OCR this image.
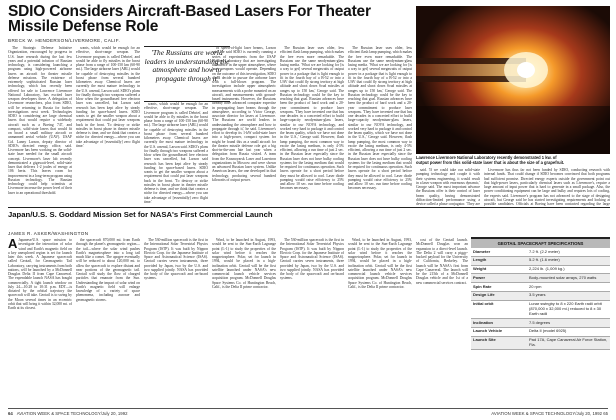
SDIO Considers Aircraft-Based Lasers For Theater Missile Defense Role
BRECK W. HENDERSON/LIVERMORE, CALIF.

The Strategic Defense Initiative Organization, encouraged by progress in U.S. laser research during the last few years and a potential infusion of Russian technology, is considering launching a program using high-powered airborne lasers on aircraft for theater missile defense missions. The existence of extremely sophisticated Russian laser technology, which has recently been offered for sale to Lawrence Livermore National Laboratory, has excited laser weapon developers there. A delegation of Livermore researchers, plus from SDIO, will be returning to Russia for further investigations next week. Technologies SDIO is considering are large chemical lasers that would require a widebody aircraft such as a Boeing 747, and compact, solid-state lasers that would fit on board a small military aircraft or unmanned aerial vehicle (UAV). USAF Col. Lanny Larson, deputy director of SDIO's directed energy office, said. Livermore has been working on the solid-state laser needed for the small aircraft concept. Livermore's laser lab recently demonstrated a gigawatt-level, solid-state laser that delivers 1-2 joules of energy at 106 hertz. This leaves room for improvement in a long-term program using Russian technology. The Russian technology could help scientists at Livermore increase the power level of their laser to an operational threshold.

wants, which would be enough for an effective, short-range weapon. The Livermore program is called Debrief, and would be able to fly missiles in the boost phase from a range of 100-150 km (60-90 mi.). The large airborne laser (ABL) would be capable of destroying missiles in the boost phase from several hundred kilometers away. Chemical lasers are currently the most mature technology in the U.S. arsenal, Larson said. SDIO's plans for finally through two weapons suffered a blow when the groundbased free electron laser was cancelled, but Larson said research has been kept alive by steady funding for space-based lasers. SDIO wants to get the smaller weapon about a requirement that could put laser weapons back in the front. 'To destroy or strike missiles in boost phase in theater missile defense is time, and we think that creates a niche for directed energy—where you can take advantage of [essentially] zero flight time.'

'The Russians are world leaders in understanding the atmosphere and how to propagate through it'

wants, which would be enough for an effective, short-range weapon. The Livermore program is called Debrief, and would be able to fly missiles in the boost phase from a range of 100-150 km (60-90 mi.). The large airborne laser (ABL) would be capable of destroying missiles in the boost phase from several hundred kilometers away. Chemical lasers are currently the most mature technology in the U.S. arsenal, Larson said. SDIO's plans for finally through two weapons suffered a blow when the groundbased free electron laser was cancelled, but Larson said research has been kept alive by steady funding for space-based lasers. SDIO wants to get the smaller weapon about a requirement that could put laser weapons back in the front. 'To destroy or strike missiles in boost phase in theater missile defense is time, and we think that creates a niche for directed energy—where you can take advantage of [essentially] zero flight time.'

of speed-of-light laser beams, Larson said. He said SDIO is currently running a series of experiments from the USAF Phillips Laboratory that are investigating turbulence in the upper atmosphere, where laser weapons would operate. Depending on the outcome of this investigation, SDIO could decide to pursue the airborne laser with a full-blown program. The investigation include upper atmospheric measurements with a probe mounted on an aircraft, and measurements with ground-based instruments. However, the Russians already have advanced computer expertise in propagating laser beams through the atmosphere, according to Victor George, associate director for lasers at Livermore. 'The Russians are world leaders in understanding the atmosphere and how to propagate through it,' he said. Livermore's effort to develop its 1-kW solid-state laser into a high-power, compact system for might be found this as a small aircraft for the theater missile defense role got a big shot-in-the-arm late last year when a delegation from Russia visited. A team from the Krasnoyarsk Laser and Lasertron organizations in Moscow and were shown an advanced Russian laser system. Unlike American lasers, the one developed in that technology, producing several hundred kilowatts of output power.

The Russian laser uses older, less efficient flash lamp pumping, which makes the free even more remarkable. The Russians use the same neodymium-glass lasing media. 'What we are looking for [is a way to get] several megawatts of output power in a package that is light enough to fit in the fourth bay of a B-52 or into a UAV that could fly strong territory at high altitude and shoot down Scud missiles at ranges up to 150 km,' George said. The Russian technology could be the key to reaching that goal. Russian advances have been the product of hard work and a 20-year commitment to produce laser weapons. 'They have invented one that has one decades in a concerted effort to build large-capacity neodymium-glass lasers, similar to our NOVA technology, and worked very hard to package it and control the beam quality, which we have not done in the U.S.,' George said. However, flash lamp pumping, the most common way to excite the lasing medium, is only 4-5% efficient, allowing a run time of just 2 sec. in the Russian laser especially since the Russian laser does not have bulky cooling systems for the lasing medium that would be required for continuous operation. Such lasers operate for a short period before they must be allowed to cool. Laser diode pumping would raise efficiency to 25% and allow 10 sec. run time before cooling becomes necessary.

The Russian laser uses older, less efficient flash lamp pumping, which makes the free even more remarkable. The Russians use the same neodymium-glass lasing media. 'What we are looking for [is a way to get] several megawatts of output power in a package that is light enough to fit in the fourth bay of a B-52 or into a UAV that could fly strong territory at high altitude and shoot down Scud missiles at ranges up to 150 km,' George said. The Russian technology could be the key to reaching that goal. Russian advances have been the product of hard work and a 20-year commitment to produce laser weapons. 'They have invented one that has one decades in a concerted effort to build large-capacity neodymium-glass lasers, similar to our NOVA technology, and worked very hard to package it and control the beam quality, which we have not done in the U.S.,' George said. However, flash lamp pumping, the most common way to excite the lasing medium, is only 4-5% efficient, allowing a run time of just 2 sec. in the Russian laser especially since the Russian laser does not have bulky cooling systems for the lasing medium that would be required for continuous operation. Such lasers operate for a short period before they must be allowed to cool. Laser diode pumping would raise efficiency to 25% and allow 10 sec. run time before cooling becomes necessary.

said. 'If we could take our solid-state pumping technology and couple it with their systems engineering, it would result in a laser weapon with enormous dynamic,' George said. The most important advance the Russians offer is their control of laser beam quality, having demonstrated diffraction-limited performance using a device called a phase conjugator. 'They are

Livermore has thus far not been funded by SDIO, conducting research with internal funds. That could change if SDIO becomes convinced that both programs had sufficient promise. Directed energy experts outside the government point out that high-power lasers, particularly chemical lasers such as Livermore's, require a large amount of input power that is hard to generate in a small package. Also, the power conditioning equipment can be large and bulky and requires lots of cooling, the experts said. Livermore's program has not advanced to the stage of designing aircraft, but George said he has started investigating requirements and looking at possible candidates. Officials at Boeing have been contacted regarding the large

Lawrence Livermore National Laboratory recently demonstrated 1 kw. of output power from this solid-state laser that is about the size of a grapefruit.
Japan/U.S. S. Goddard Mission Set for NASA's First Commercial Launch
JAMES R. ASKER/WASHINGTON
A Japanese/U.S. space mission to investigate the interaction of solar wind and Earth's magnetic field on a key unexplored region is set for launch later this week. A Japanese spacecraft called Geotail, for Geomagnetic Tail Laboratory, carrying instruments from both nations, will be launched by a McDonnell Douglas Delta II from Cape Canaveral. The expendable launch NASA has bought commercially. A tight launch window on July 24—10:28 to 10:31 p.m. EDT—is dictated by the orbital trajectory the spacecraft will take. Geotail is to swing by the Moon several times in an eccentric orbit that will bring it within 32,000 mi. of Earth at its closest.

the spacecraft 870,000 mi. from Earth through the planet's geomagnetic region—the tail—where the solar wind pushes Earth's magnetosphere into a long tail much like a comet. The apogee eventually will be reduced to about 120,000 mi. to allow the spacecraft to explore distant and near portions of the geomagnetic tail. Geotail will study the flow of charged particles that emanate from the Sun. Understanding the impact of solar wind on Earth's magnetic field will enlarge knowledge of a variety of space phenomena, including aurorae and geomagnetic storms.

The 530-million spacecraft is the first in the International Solar Terrestrial Physics Program (ISTP). It was built by Nippon Electric Corp. for the Japanese Institute of Space and Astronautical Science (ISAS). Geotail carries seven instruments, three provided by Japan, two by the U.S. and two supplied jointly. NASA has provided the body of the spacecraft and on-board systems.

Wind, to be launched in August, 1993, would be sent to the Sun-Earth Lagrange point (L-1) to study the properties of the solar wind before it reaches the magnetosphere. Polar, set for launch in 1994, would be placed in a high-inclination orbit. Geotail will be the first satellite launched under NASA's new commercial launch vehicle services acquisition program. McDonnell Douglas Space Systems Co. of Huntington Beach, Calif., is the Delta II prime contractor.

The 530-million spacecraft is the first in the International Solar Terrestrial Physics Program (ISTP). It was built by Nippon Electric Corp. for the Japanese Institute of Space and Astronautical Science (ISAS). Geotail carries seven instruments, three provided by Japan, two by the U.S. and two supplied jointly. NASA has provided the body of the spacecraft and on-board systems.

Wind, to be launched in August, 1993, would be sent to the Sun-Earth Lagrange point (L-1) to study the properties of the solar wind before it reaches the magnetosphere. Polar, set for launch in 1994, would be placed in a high-inclination orbit. Geotail will be the first satellite launched under NASA's new commercial launch vehicle services acquisition program. McDonnell Douglas Space Systems Co. of Huntington Beach, Calif., is the Delta II prime contractor.

cost of the Geotail launch. McDonnell Douglas won an expansion to a direct-level launch. The Delta 2 will carry a piggy-backed payload for the University of California, Berkeley. The launch will be NASA's first from Cape Canaveral. The launch will be the 215th of a McDonnell Douglas vehicle and the 1st of a new commercial services contract.

GEOTAIL SPACECRAFT SPECIFICATIONS
Diameter	7.2 ft. (2.2 meter)
Length	5.2 ft. (1.6 meter)
Weight	2,224 lb. (1,009 kg.)
Power	Body-mounted solar arrays, 270 watts
Spin Rate	20 rpm
Design Life	3.5 years
Initial orbit	Lunar swingby to 8 x 220 Earth radii orbit (870,000 x 32,000 mi.) reduced to 8 x 30 Earth radii
Inclination	7.5 degrees
Launch Vehicle	Delta II (model 6925)
Launch Site	Pad 17A, Cape Canaveral Air Force Station, Fla.
64 AVIATION WEEK & SPACE TECHNOLOGY/July 20, 1992	AVIATION WEEK & SPACE TECHNOLOGY/July 20, 1992 65
